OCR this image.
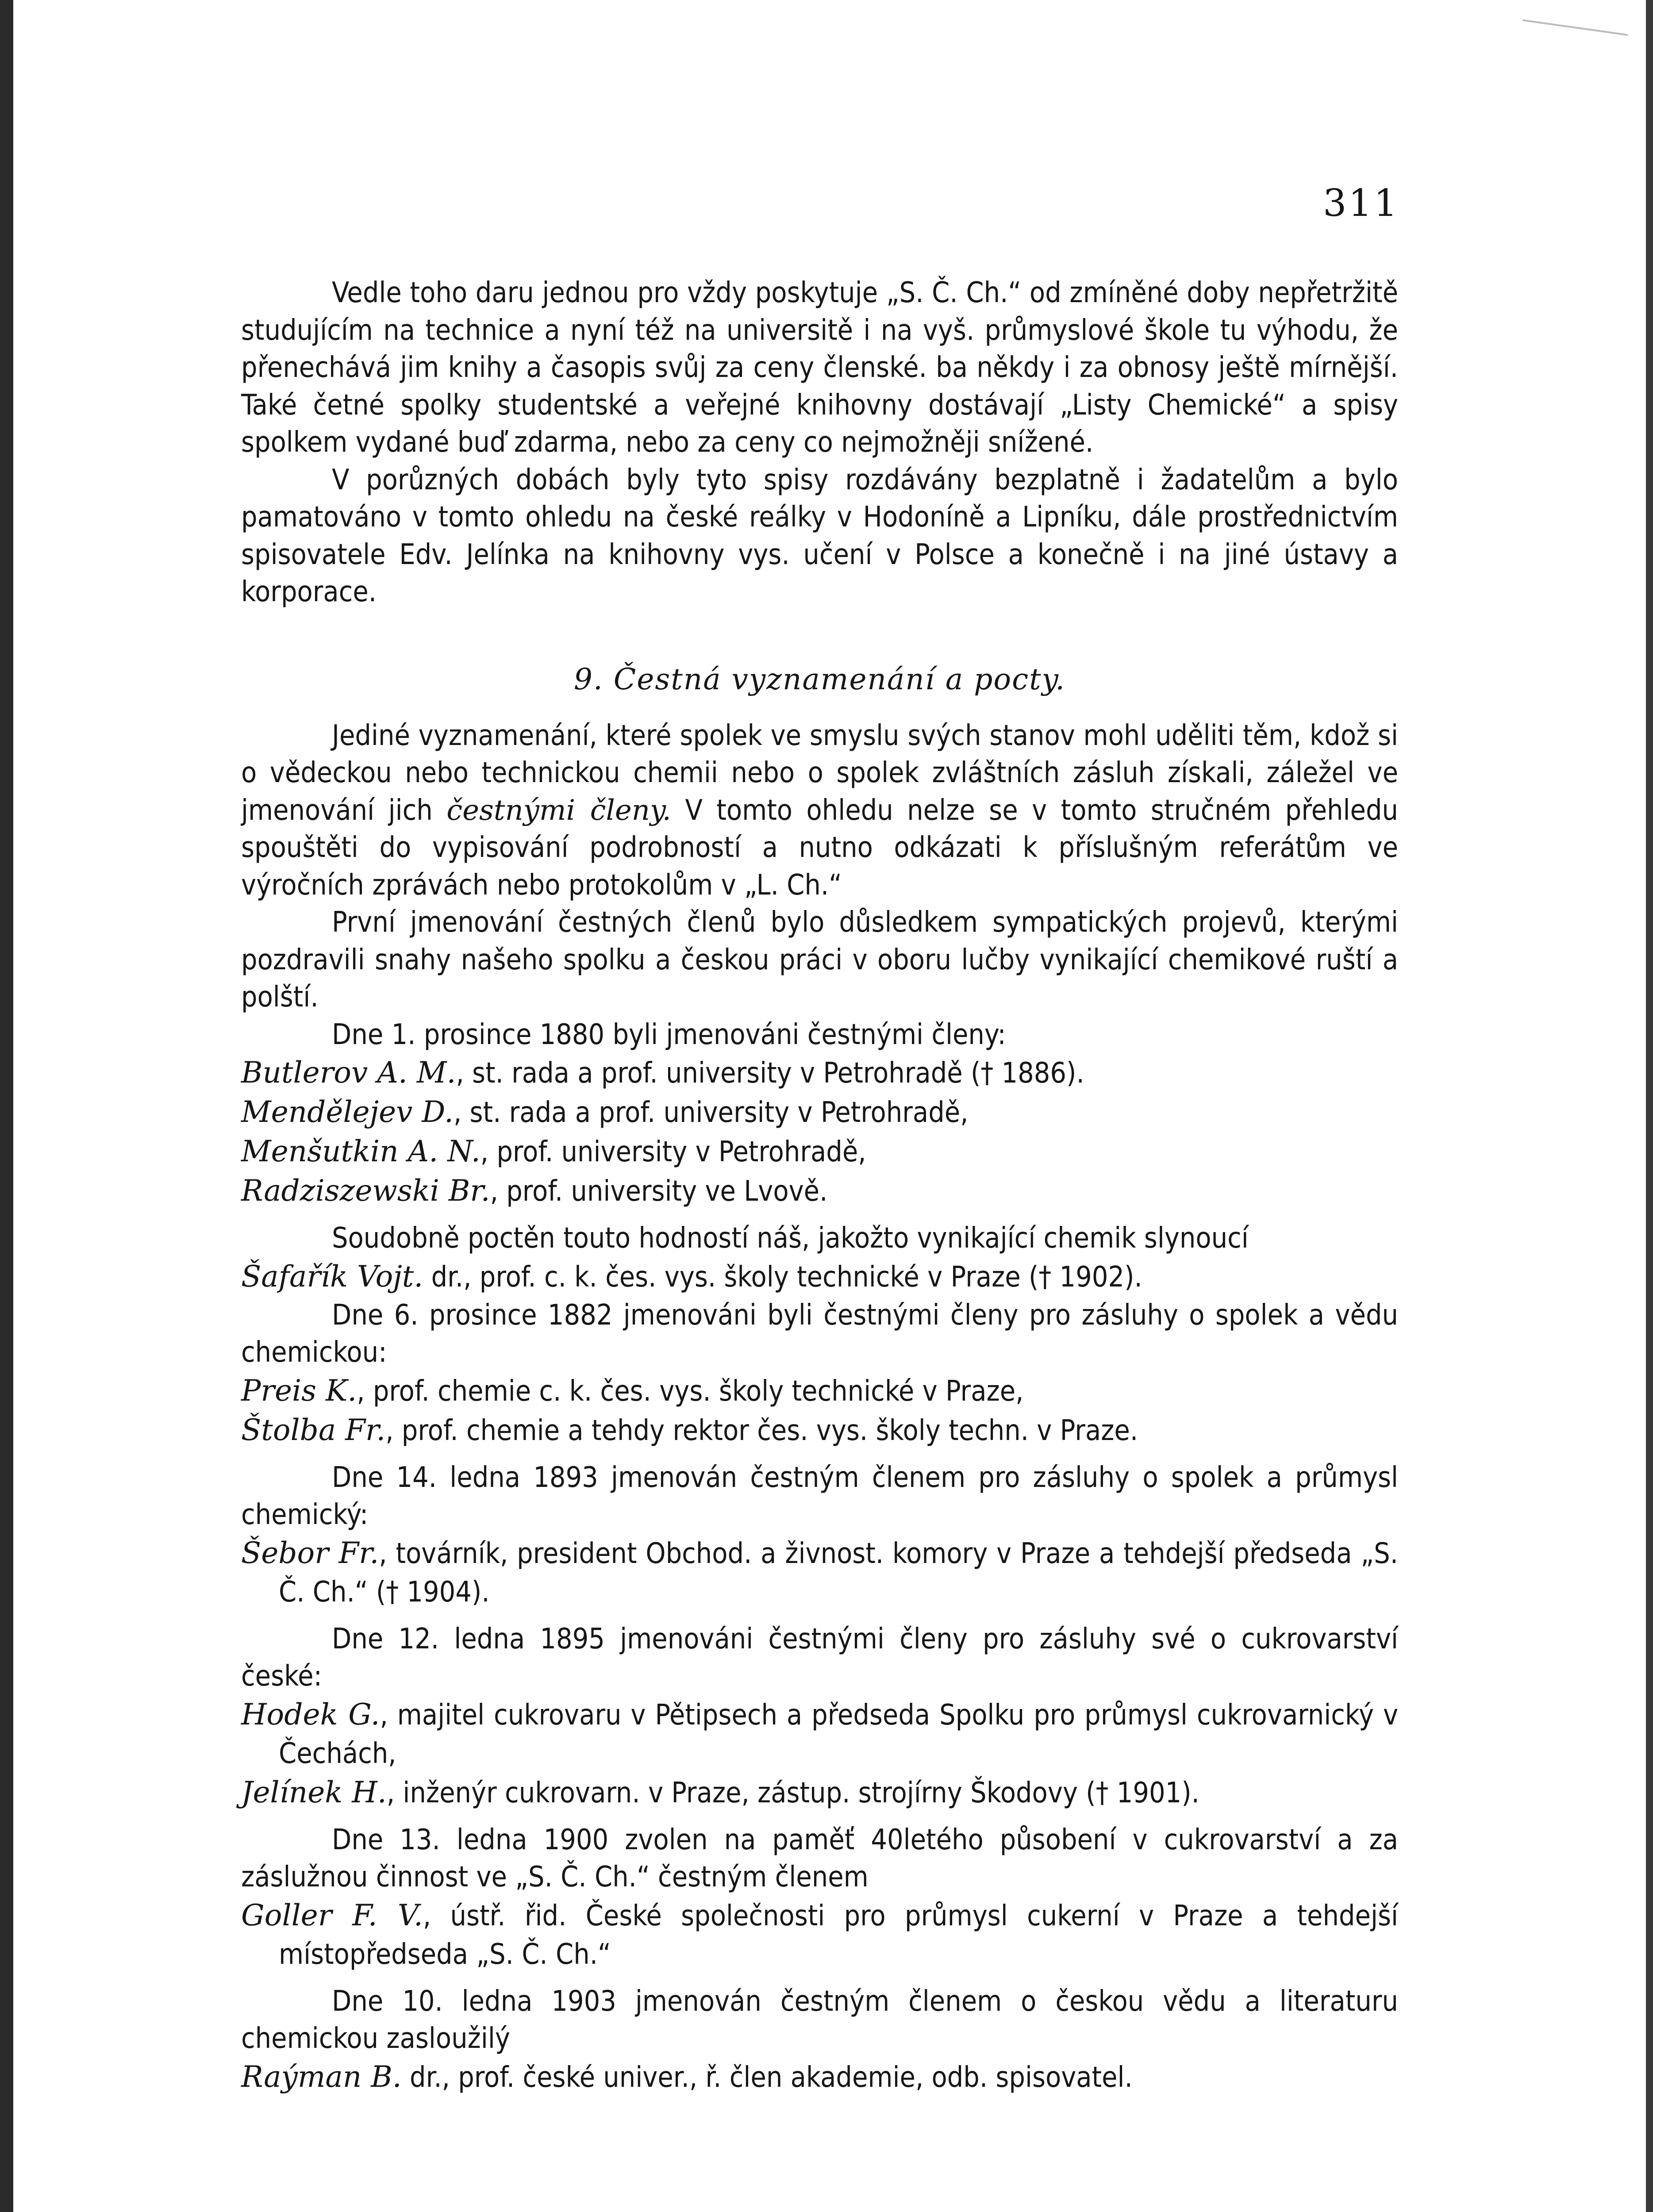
311

Vedle toho daru jednou pro vždy poskytuje „S. Č. Ch.“ od zmíněné doby nepřetržitě studujícím na technice a nyní též na universitě i na vyš. průmyslové škole tu výhodu, že přenechává jim knihy a časopis svůj za ceny členské. ba někdy i za obnosy ještě mírnější. Také četné spolky studentské a veřejné knihovny dostávají „Listy Chemické“ a spisy spolkem vydané buď zdarma, nebo za ceny co nejmožněji snížené.

V porůzných dobách byly tyto spisy rozdávány bezplatně i žadatelům a bylo pamatováno v tomto ohledu na české reálky v Hodoníně a Lipníku, dále prostřednictvím spisovatele Edv. Jelínka na knihovny vys. učení v Polsce a konečně i na jiné ústavy a korporace.

9. Čestná vyznamenání a pocty.

Jediné vyznamenání, které spolek ve smyslu svých stanov mohl uděliti těm, kdož si o vědeckou nebo technickou chemii nebo o spolek zvláštních zásluh získali, záležel ve jmenování jich čestnými členy. V tomto ohledu nelze se v tomto stručném přehledu spouštěti do vypisování podrobností a nutno odkázati k příslušným referátům ve výročních zprávách nebo protokolům v „L. Ch.“

První jmenování čestných členů bylo důsledkem sympatických projevů, kterými pozdravili snahy našeho spolku a českou práci v oboru lučby vynikající chemikové ruští a polští.

Dne 1. prosince 1880 byli jmenováni čestnými členy:

Butlerov A. M., st. rada a prof. university v Petrohradě († 1886).

Mendělejev D., st. rada a prof. university v Petrohradě,

Menšutkin A. N., prof. university v Petrohradě,

Radziszewski Br., prof. university ve Lvově.

Soudobně poctěn touto hodností náš, jakožto vynikající chemik slynoucí

Šafařík Vojt. dr., prof. c. k. čes. vys. školy technické v Praze († 1902).

Dne 6. prosince 1882 jmenováni byli čestnými členy pro zásluhy o spolek a vědu chemickou:

Preis K., prof. chemie c. k. čes. vys. školy technické v Praze,

Štolba Fr., prof. chemie a tehdy rektor čes. vys. školy techn. v Praze.

Dne 14. ledna 1893 jmenován čestným členem pro zásluhy o spolek a průmysl chemický:

Šebor Fr., továrník, president Obchod. a živnost. komory v Praze a tehdejší předseda „S. Č. Ch.“ († 1904).

Dne 12. ledna 1895 jmenováni čestnými členy pro zásluhy své o cukrovarství české:

Hodek G., majitel cukrovaru v Pětipsech a předseda Spolku pro průmysl cukrovarnický v Čechách,

Jelínek H., inženýr cukrovarn. v Praze, zástup. strojírny Škodovy († 1901).

Dne 13. ledna 1900 zvolen na paměť 40letého působení v cukrovarství a za záslužnou činnost ve „S. Č. Ch.“ čestným členem

Goller F. V., ústř. řid. České společnosti pro průmysl cukerní v Praze a tehdejší místopředseda „S. Č. Ch.“

Dne 10. ledna 1903 jmenován čestným členem o českou vědu a literaturu chemickou zasloužilý

Raýman B. dr., prof. české univer., ř. člen akademie, odb. spisovatel.
